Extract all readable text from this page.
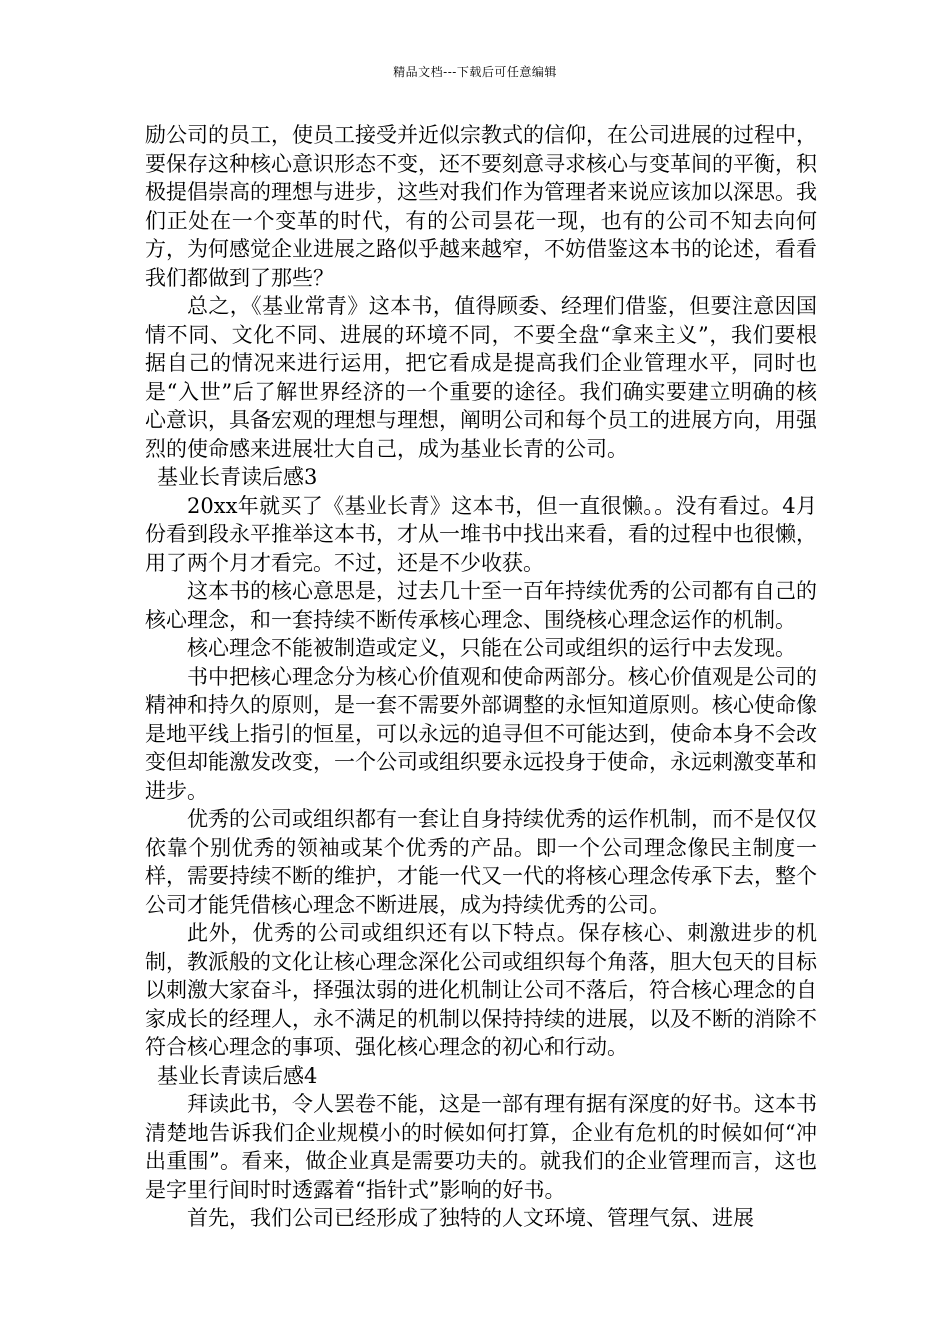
精品文档---下载后可任意编辑

励公司的员工，使员工接受并近似宗教式的信仰，在公司进展的过程中，要保存这种核心意识形态不变，还不要刻意寻求核心与变革间的平衡，积极提倡崇高的理想与进步，这些对我们作为管理者来说应该加以深思。我们正处在一个变革的时代，有的公司昙花一现，也有的公司不知去向何方，为何感觉企业进展之路似乎越来越窄，不妨借鉴这本书的论述，看看我们都做到了那些？

总之，《基业常青》这本书，值得顾委、经理们借鉴，但要注意因国情不同、文化不同、进展的环境不同，不要全盘“拿来主义”，我们要根据自己的情况来进行运用，把它看成是提高我们企业管理水平，同时也是“入世”后了解世界经济的一个重要的途径。我们确实要建立明确的核心意识，具备宏观的理想与理想，阐明公司和每个员工的进展方向，用强烈的使命感来进展壮大自己，成为基业长青的公司。

基业长青读后感3

20xx年就买了《基业长青》这本书，但一直很懒。。没有看过。4月份看到段永平推举这本书，才从一堆书中找出来看，看的过程中也很懒，用了两个月才看完。不过，还是不少收获。

这本书的核心意思是，过去几十至一百年持续优秀的公司都有自己的核心理念，和一套持续不断传承核心理念、围绕核心理念运作的机制。

核心理念不能被制造或定义，只能在公司或组织的运行中去发现。

书中把核心理念分为核心价值观和使命两部分。核心价值观是公司的精神和持久的原则，是一套不需要外部调整的永恒知道原则。核心使命像是地平线上指引的恒星，可以永远的追寻但不可能达到，使命本身不会改变但却能激发改变，一个公司或组织要永远投身于使命，永远刺激变革和进步。

优秀的公司或组织都有一套让自身持续优秀的运作机制，而不是仅仅依靠个别优秀的领袖或某个优秀的产品。即一个公司理念像民主制度一样，需要持续不断的维护，才能一代又一代的将核心理念传承下去，整个公司才能凭借核心理念不断进展，成为持续优秀的公司。

此外，优秀的公司或组织还有以下特点。保存核心、刺激进步的机制，教派般的文化让核心理念深化公司或组织每个角落，胆大包天的目标以刺激大家奋斗，择强汰弱的进化机制让公司不落后，符合核心理念的自家成长的经理人，永不满足的机制以保持持续的进展，以及不断的消除不符合核心理念的事项、强化核心理念的初心和行动。

基业长青读后感4

拜读此书，令人罢卷不能，这是一部有理有据有深度的好书。这本书清楚地告诉我们企业规模小的时候如何打算，企业有危机的时候如何“冲出重围”。看来，做企业真是需要功夫的。就我们的企业管理而言，这也是字里行间时时透露着“指针式”影响的好书。

首先，我们公司已经形成了独特的人文环境、管理气氛、进展
